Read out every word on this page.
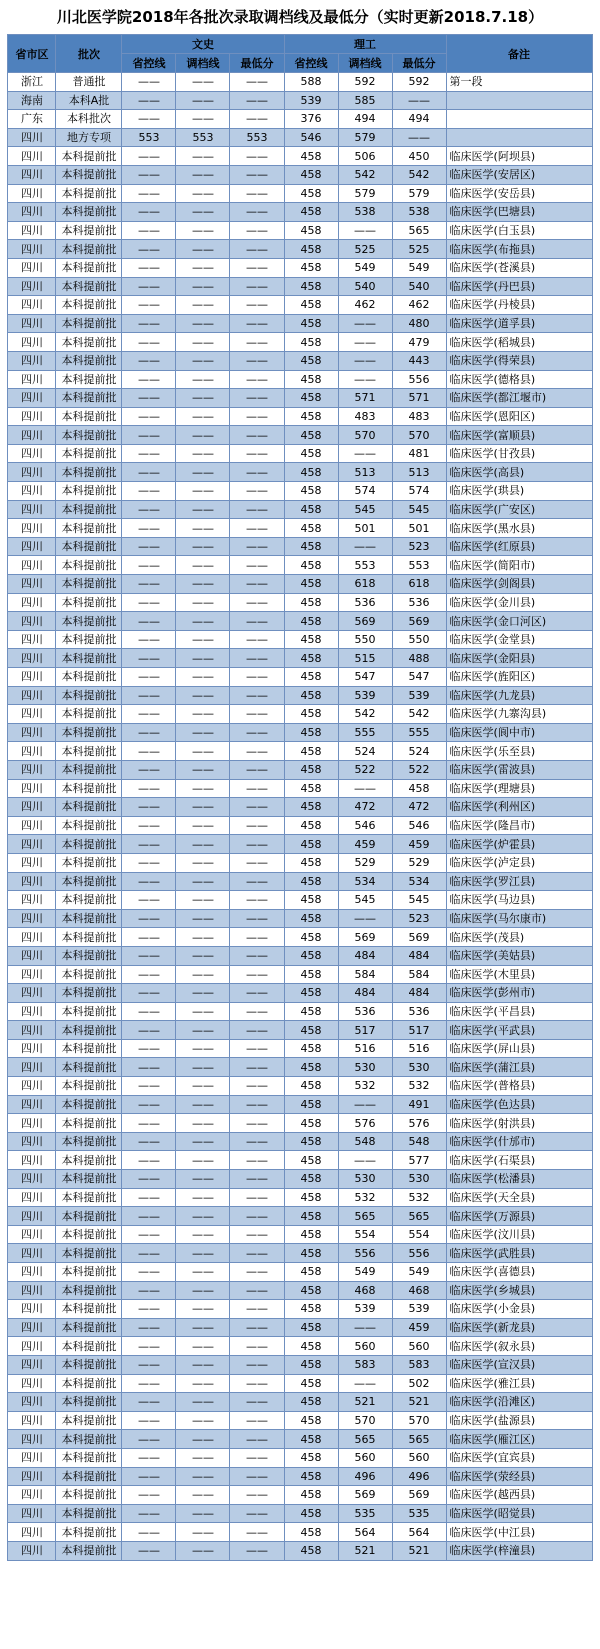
川北医学院2018年各批次录取调档线及最低分（实时更新2018.7.18）
省市区	批次	文史			理工			备注
		省控线	调档线	最低分	省控线	调档线	最低分	
浙江	普通批	——	——	——	588	592	592	第一段
海南	本科A批	——	——	——	539	585	——	
广东	本科批次	——	——	——	376	494	494	
四川	地方专项	553	553	553	546	579	——	
四川	本科提前批	——	——	——	458	506	450	临床医学(阿坝县)
四川	本科提前批	——	——	——	458	542	542	临床医学(安居区)
四川	本科提前批	——	——	——	458	579	579	临床医学(安岳县)
四川	本科提前批	——	——	——	458	538	538	临床医学(巴塘县)
四川	本科提前批	——	——	——	458	——	565	临床医学(白玉县)
四川	本科提前批	——	——	——	458	525	525	临床医学(布拖县)
四川	本科提前批	——	——	——	458	549	549	临床医学(苍溪县)
四川	本科提前批	——	——	——	458	540	540	临床医学(丹巴县)
四川	本科提前批	——	——	——	458	462	462	临床医学(丹棱县)
四川	本科提前批	——	——	——	458	——	480	临床医学(道孚县)
四川	本科提前批	——	——	——	458	——	479	临床医学(稻城县)
四川	本科提前批	——	——	——	458	——	443	临床医学(得荣县)
四川	本科提前批	——	——	——	458	——	556	临床医学(德格县)
四川	本科提前批	——	——	——	458	571	571	临床医学(都江堰市)
四川	本科提前批	——	——	——	458	483	483	临床医学(恩阳区)
四川	本科提前批	——	——	——	458	570	570	临床医学(富顺县)
四川	本科提前批	——	——	——	458	——	481	临床医学(甘孜县)
四川	本科提前批	——	——	——	458	513	513	临床医学(高县)
四川	本科提前批	——	——	——	458	574	574	临床医学(珙县)
四川	本科提前批	——	——	——	458	545	545	临床医学(广安区)
四川	本科提前批	——	——	——	458	501	501	临床医学(黑水县)
四川	本科提前批	——	——	——	458	——	523	临床医学(红原县)
四川	本科提前批	——	——	——	458	553	553	临床医学(简阳市)
四川	本科提前批	——	——	——	458	618	618	临床医学(剑阁县)
四川	本科提前批	——	——	——	458	536	536	临床医学(金川县)
四川	本科提前批	——	——	——	458	569	569	临床医学(金口河区)
四川	本科提前批	——	——	——	458	550	550	临床医学(金堂县)
四川	本科提前批	——	——	——	458	515	488	临床医学(金阳县)
四川	本科提前批	——	——	——	458	547	547	临床医学(旌阳区)
四川	本科提前批	——	——	——	458	539	539	临床医学(九龙县)
四川	本科提前批	——	——	——	458	542	542	临床医学(九寨沟县)
四川	本科提前批	——	——	——	458	555	555	临床医学(阆中市)
四川	本科提前批	——	——	——	458	524	524	临床医学(乐至县)
四川	本科提前批	——	——	——	458	522	522	临床医学(雷波县)
四川	本科提前批	——	——	——	458	——	458	临床医学(理塘县)
四川	本科提前批	——	——	——	458	472	472	临床医学(利州区)
四川	本科提前批	——	——	——	458	546	546	临床医学(隆昌市)
四川	本科提前批	——	——	——	458	459	459	临床医学(炉霍县)
四川	本科提前批	——	——	——	458	529	529	临床医学(泸定县)
四川	本科提前批	——	——	——	458	534	534	临床医学(罗江县)
四川	本科提前批	——	——	——	458	545	545	临床医学(马边县)
四川	本科提前批	——	——	——	458	——	523	临床医学(马尔康市)
四川	本科提前批	——	——	——	458	569	569	临床医学(茂县)
四川	本科提前批	——	——	——	458	484	484	临床医学(美姑县)
四川	本科提前批	——	——	——	458	584	584	临床医学(木里县)
四川	本科提前批	——	——	——	458	484	484	临床医学(彭州市)
四川	本科提前批	——	——	——	458	536	536	临床医学(平昌县)
四川	本科提前批	——	——	——	458	517	517	临床医学(平武县)
四川	本科提前批	——	——	——	458	516	516	临床医学(屏山县)
四川	本科提前批	——	——	——	458	530	530	临床医学(蒲江县)
四川	本科提前批	——	——	——	458	532	532	临床医学(普格县)
四川	本科提前批	——	——	——	458	——	491	临床医学(色达县)
四川	本科提前批	——	——	——	458	576	576	临床医学(射洪县)
四川	本科提前批	——	——	——	458	548	548	临床医学(什邡市)
四川	本科提前批	——	——	——	458	——	577	临床医学(石渠县)
四川	本科提前批	——	——	——	458	530	530	临床医学(松潘县)
四川	本科提前批	——	——	——	458	532	532	临床医学(天全县)
四川	本科提前批	——	——	——	458	565	565	临床医学(万源县)
四川	本科提前批	——	——	——	458	554	554	临床医学(汶川县)
四川	本科提前批	——	——	——	458	556	556	临床医学(武胜县)
四川	本科提前批	——	——	——	458	549	549	临床医学(喜德县)
四川	本科提前批	——	——	——	458	468	468	临床医学(乡城县)
四川	本科提前批	——	——	——	458	539	539	临床医学(小金县)
四川	本科提前批	——	——	——	458	——	459	临床医学(新龙县)
四川	本科提前批	——	——	——	458	560	560	临床医学(叙永县)
四川	本科提前批	——	——	——	458	583	583	临床医学(宣汉县)
四川	本科提前批	——	——	——	458	——	502	临床医学(雅江县)
四川	本科提前批	——	——	——	458	521	521	临床医学(沿滩区)
四川	本科提前批	——	——	——	458	570	570	临床医学(盐源县)
四川	本科提前批	——	——	——	458	565	565	临床医学(雁江区)
四川	本科提前批	——	——	——	458	560	560	临床医学(宜宾县)
四川	本科提前批	——	——	——	458	496	496	临床医学(荥经县)
四川	本科提前批	——	——	——	458	569	569	临床医学(越西县)
四川	本科提前批	——	——	——	458	535	535	临床医学(昭觉县)
四川	本科提前批	——	——	——	458	564	564	临床医学(中江县)
四川	本科提前批	——	——	——	458	521	521	临床医学(梓潼县)
